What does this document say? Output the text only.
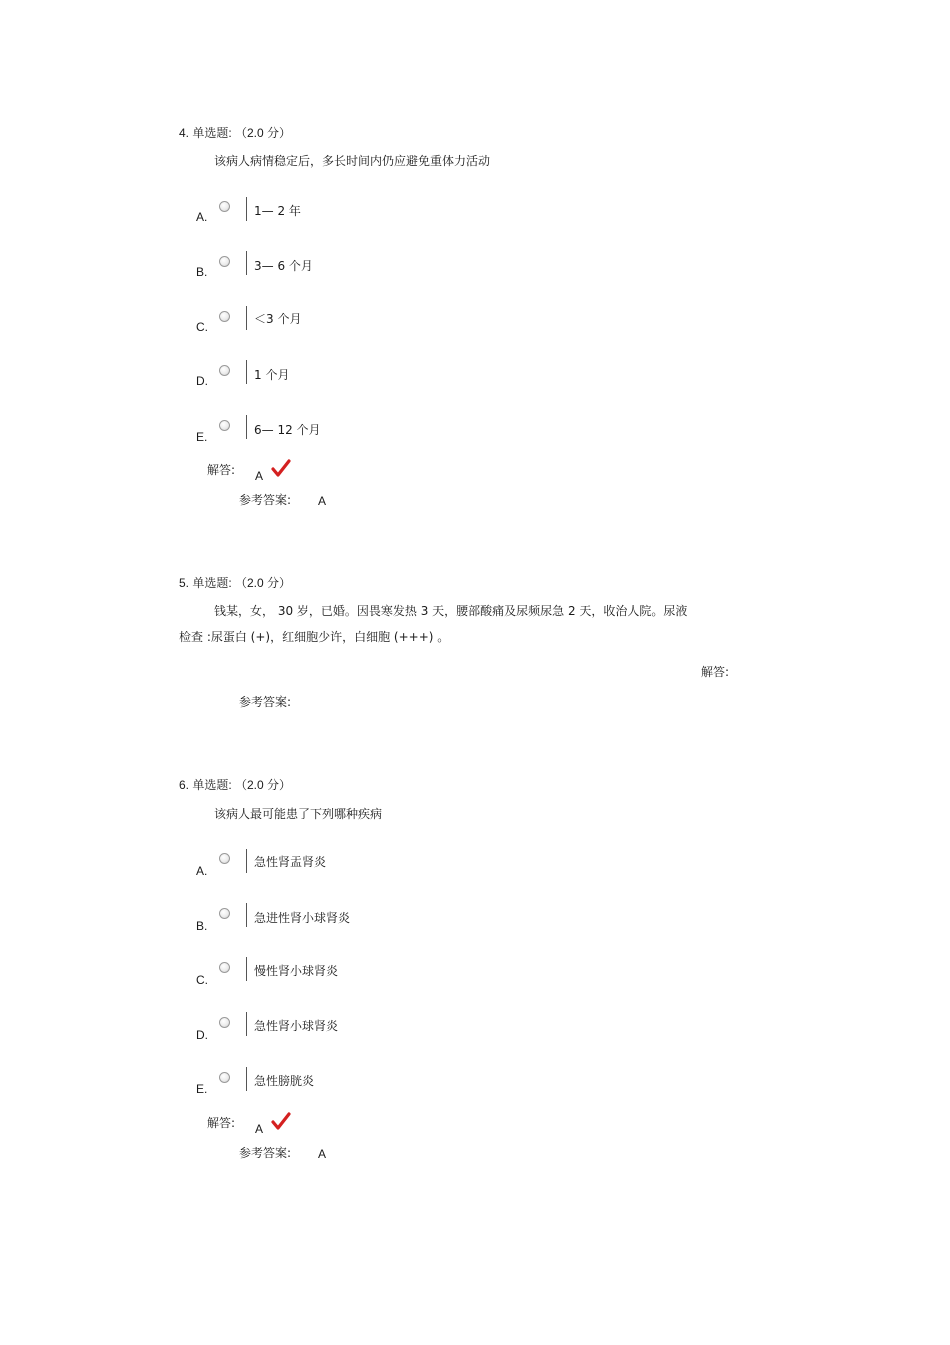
4. 单选题: （2.0 分）
该病人病情稳定后，多长时间内仍应避免重体力活动
A.	1— 2 年
B.	3— 6 个月
C.
＜3 个月
D.	1 个月
E.	6— 12 个月
解答: A
参考答案: A
5. 单选题: （2.0 分）
钱某，女， 30 岁，已婚。因畏寒发热 3 天，腰部酸痛及尿频尿急 2 天，收治人院。尿液
检查 :尿蛋白 (+)，红细胞少许，白细胞 (+++) 。
解答:
参考答案:
6. 单选题: （2.0 分）
该病人最可能患了下列哪种疾病
A.
急性肾盂肾炎
B.
急进性肾小球肾炎
C.
慢性肾小球肾炎
D.
急性肾小球肾炎
E.
急性膀胱炎
解答: A
参考答案: A
